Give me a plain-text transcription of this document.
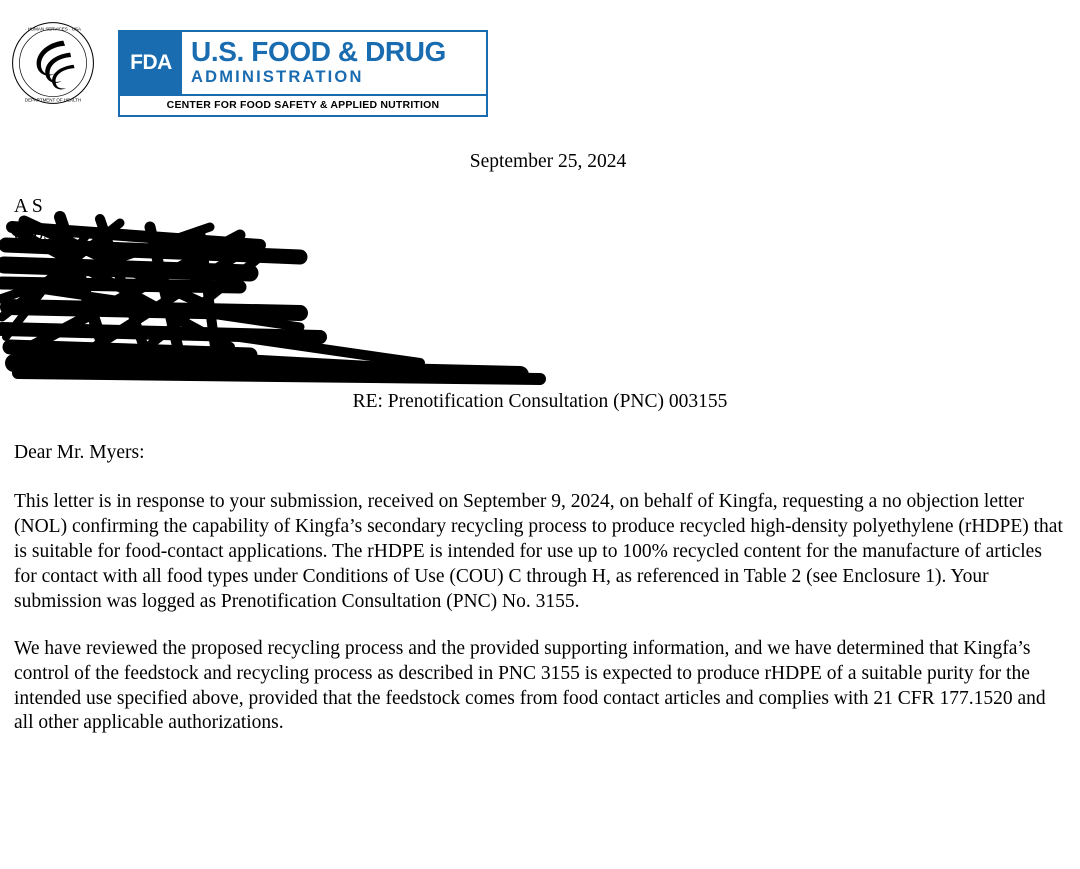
· HUMAN SERVICES · USA
DEPARTMENT OF HEALTH
FDA U.S. FOOD & DRUG
ADMINISTRATION
CENTER FOR FOOD SAFETY & APPLIED NUTRITION
September 25, 2024
A S
0605
RE: Prenotification Consultation (PNC) 003155
Dear Mr. Myers:

This letter is in response to your submission, received on September 9, 2024, on behalf of Kingfa, requesting a no objection letter (NOL) confirming the capability of Kingfa’s secondary recycling process to produce recycled high-density polyethylene (rHDPE) that is suitable for food-contact applications. The rHDPE is intended for use up to 100% recycled content for the manufacture of articles for contact with all food types under Conditions of Use (COU) C through H, as referenced in Table 2 (see Enclosure 1). Your submission was logged as Prenotification Consultation (PNC) No. 3155.

We have reviewed the proposed recycling process and the provided supporting information, and we have determined that Kingfa’s control of the feedstock and recycling process as described in PNC 3155 is expected to produce rHDPE of a suitable purity for the intended use specified above, provided that the feedstock comes from food contact articles and complies with 21 CFR 177.1520 and all other applicable authorizations.
